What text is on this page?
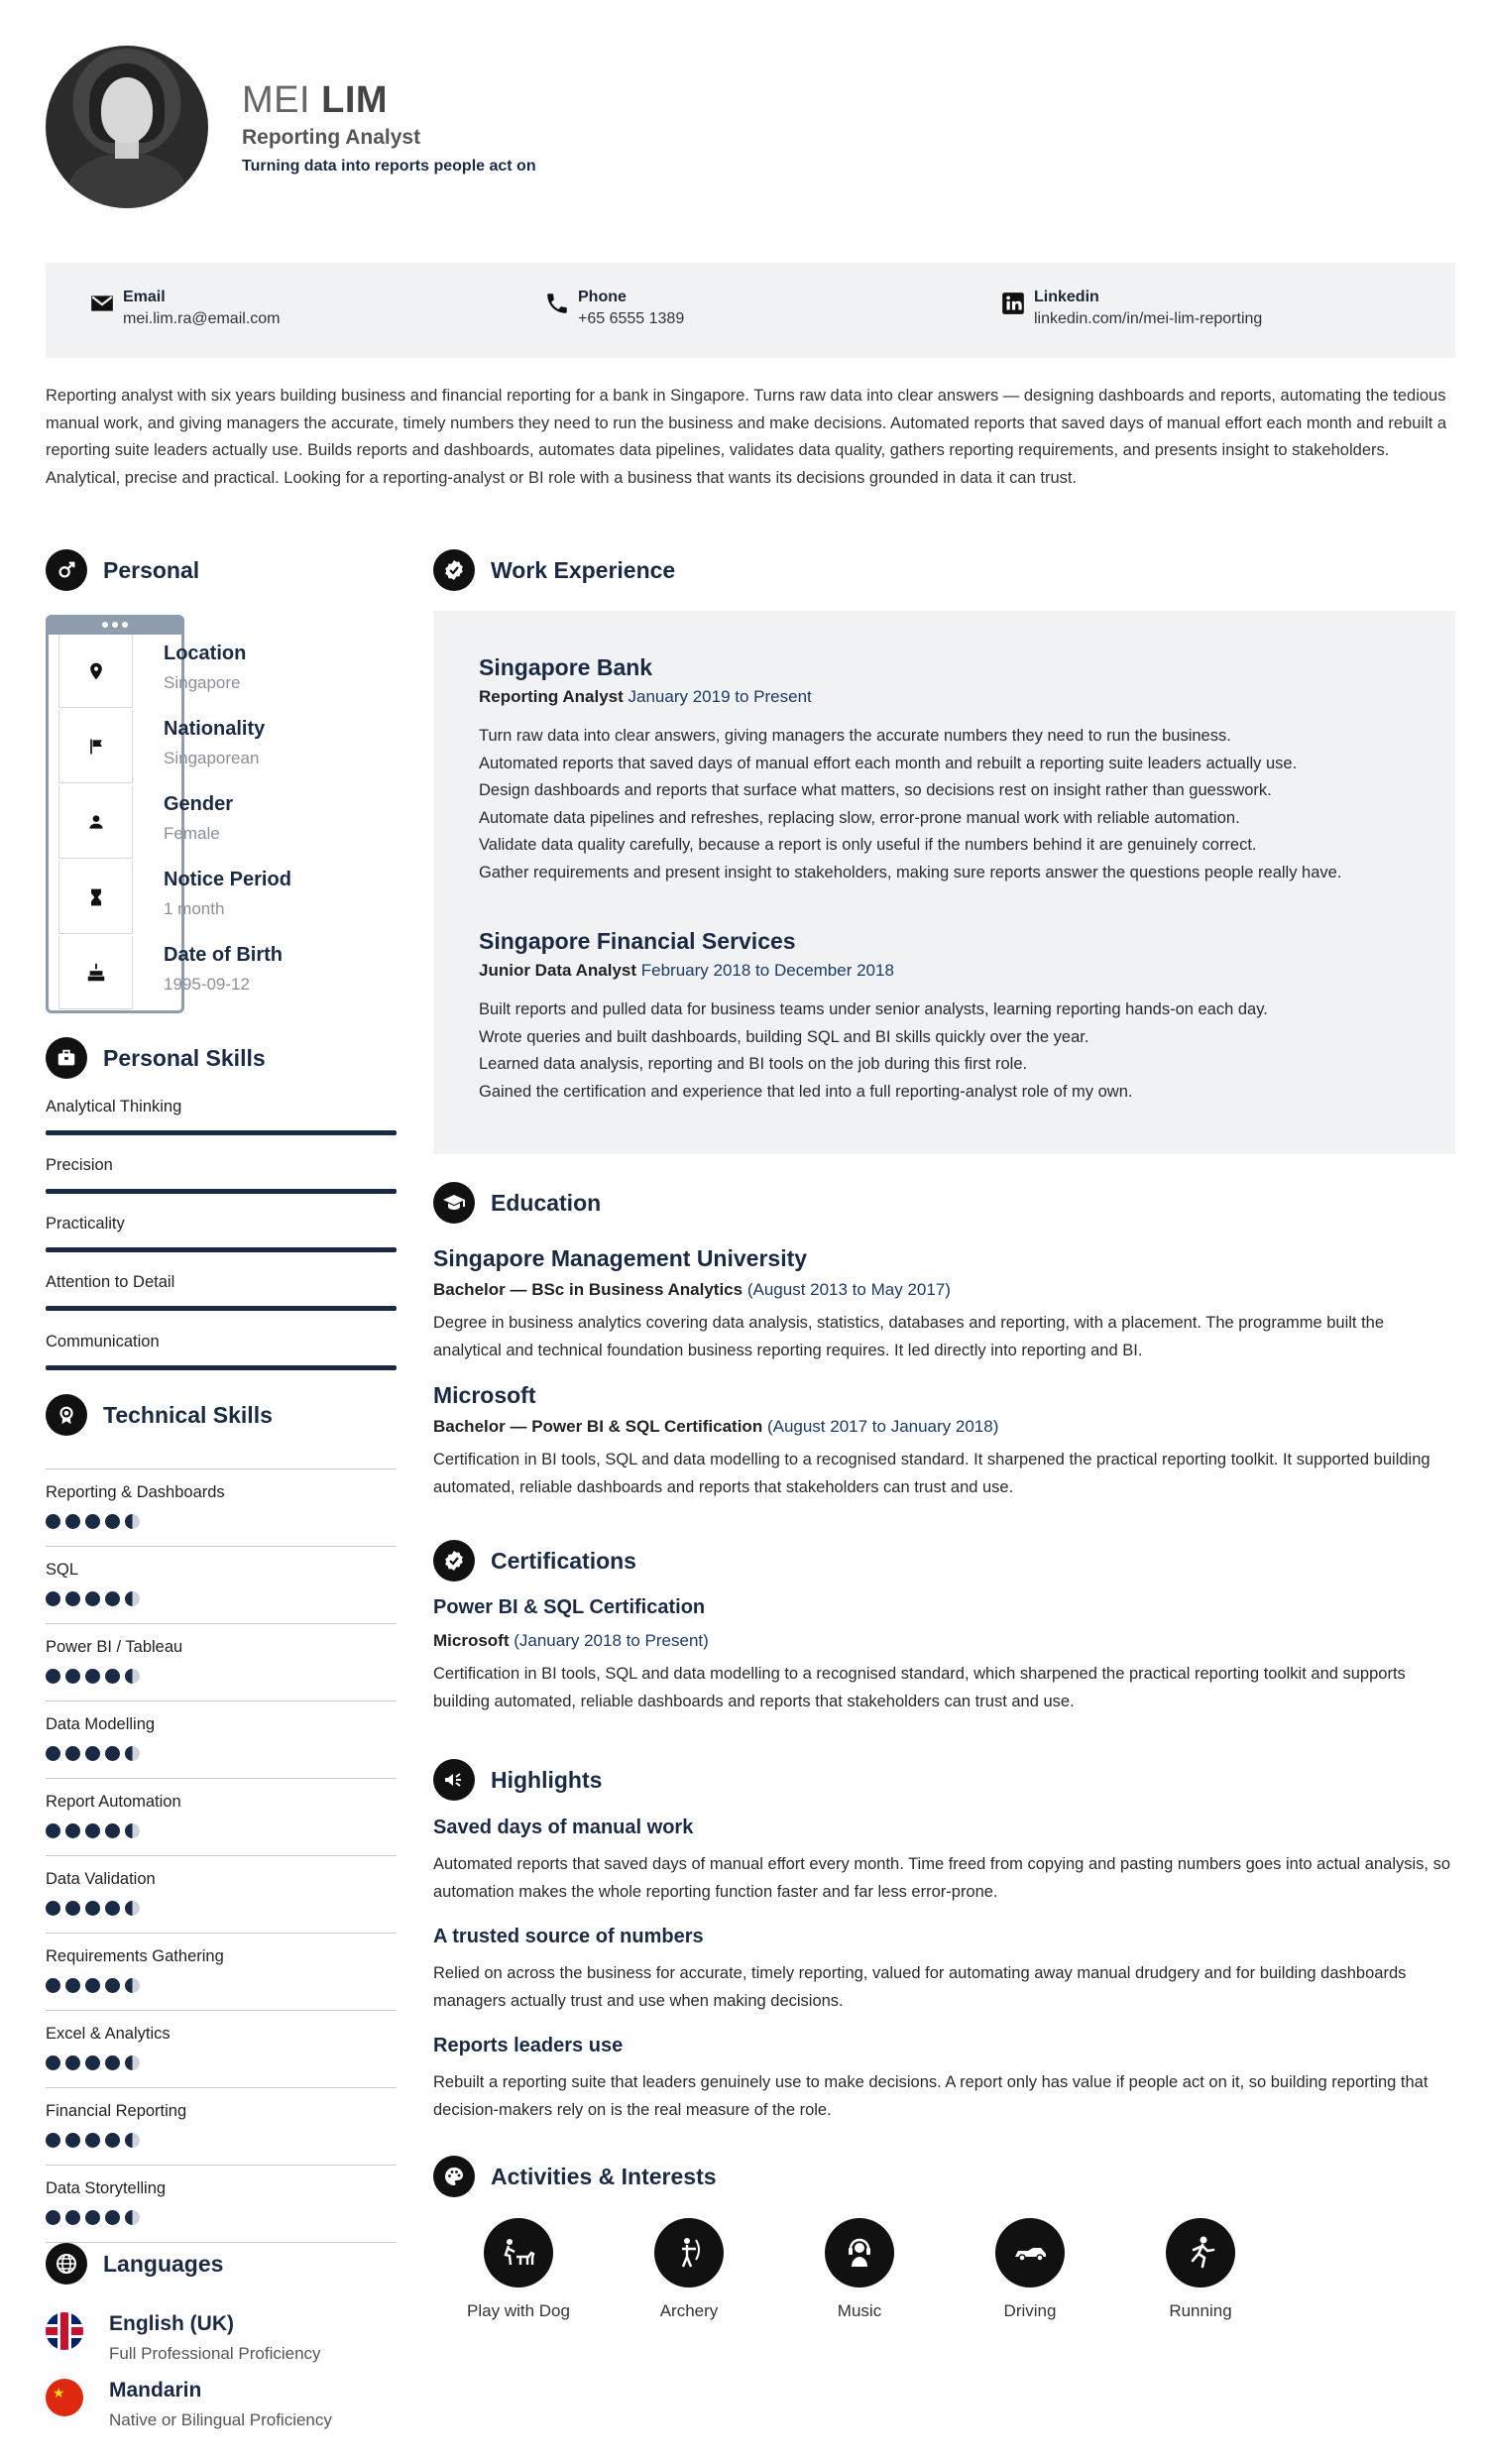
MEI LIM
Reporting Analyst
Turning data into reports people act on
Email
mei.lim.ra@email.com
Phone
+65 6555 1389
Linkedin
linkedin.com/in/mei-lim-reporting
Reporting analyst with six years building business and financial reporting for a bank in Singapore. Turns raw data into clear answers — designing dashboards and reports, automating the tedious manual work, and giving managers the accurate, timely numbers they need to run the business and make decisions. Automated reports that saved days of manual effort each month and rebuilt a reporting suite leaders actually use. Builds reports and dashboards, automates data pipelines, validates data quality, gathers reporting requirements, and presents insight to stakeholders. Analytical, precise and practical. Looking for a reporting-analyst or BI role with a business that wants its decisions grounded in data it can trust.
Personal
Location
Singapore
Nationality
Singaporean
Gender
Female
Notice Period
1 month
Date of Birth
1995-09-12
Personal Skills
Analytical Thinking
Precision
Practicality
Attention to Detail
Communication
Technical Skills
Reporting & Dashboards
SQL
Power BI / Tableau
Data Modelling
Report Automation
Data Validation
Requirements Gathering
Excel & Analytics
Financial Reporting
Data Storytelling
Languages
English (UK)
Full Professional Proficiency
★ Mandarin
Native or Bilingual Proficiency
Work Experience
Singapore Bank
Reporting Analyst January 2019 to Present
Turn raw data into clear answers, giving managers the accurate numbers they need to run the business.
Automated reports that saved days of manual effort each month and rebuilt a reporting suite leaders actually use.
Design dashboards and reports that surface what matters, so decisions rest on insight rather than guesswork.
Automate data pipelines and refreshes, replacing slow, error-prone manual work with reliable automation.
Validate data quality carefully, because a report is only useful if the numbers behind it are genuinely correct.
Gather requirements and present insight to stakeholders, making sure reports answer the questions people really have.
Singapore Financial Services
Junior Data Analyst February 2018 to December 2018
Built reports and pulled data for business teams under senior analysts, learning reporting hands-on each day.
Wrote queries and built dashboards, building SQL and BI skills quickly over the year.
Learned data analysis, reporting and BI tools on the job during this first role.
Gained the certification and experience that led into a full reporting-analyst role of my own.
Education
Singapore Management University
Bachelor — BSc in Business Analytics (August 2013 to May 2017)
Degree in business analytics covering data analysis, statistics, databases and reporting, with a placement. The programme built the analytical and technical foundation business reporting requires. It led directly into reporting and BI.
Microsoft
Bachelor — Power BI & SQL Certification (August 2017 to January 2018)
Certification in BI tools, SQL and data modelling to a recognised standard. It sharpened the practical reporting toolkit. It supported building automated, reliable dashboards and reports that stakeholders can trust and use.
Certifications
Power BI & SQL Certification
Microsoft (January 2018 to Present)
Certification in BI tools, SQL and data modelling to a recognised standard, which sharpened the practical reporting toolkit and supports building automated, reliable dashboards and reports that stakeholders can trust and use.
Highlights
Saved days of manual work
Automated reports that saved days of manual effort every month. Time freed from copying and pasting numbers goes into actual analysis, so automation makes the whole reporting function faster and far less error-prone.
A trusted source of numbers
Relied on across the business for accurate, timely reporting, valued for automating away manual drudgery and for building dashboards managers actually trust and use when making decisions.
Reports leaders use
Rebuilt a reporting suite that leaders genuinely use to make decisions. A report only has value if people act on it, so building reporting that decision-makers rely on is the real measure of the role.
Activities & Interests
Play with Dog	Archery	Music	Driving	Running
